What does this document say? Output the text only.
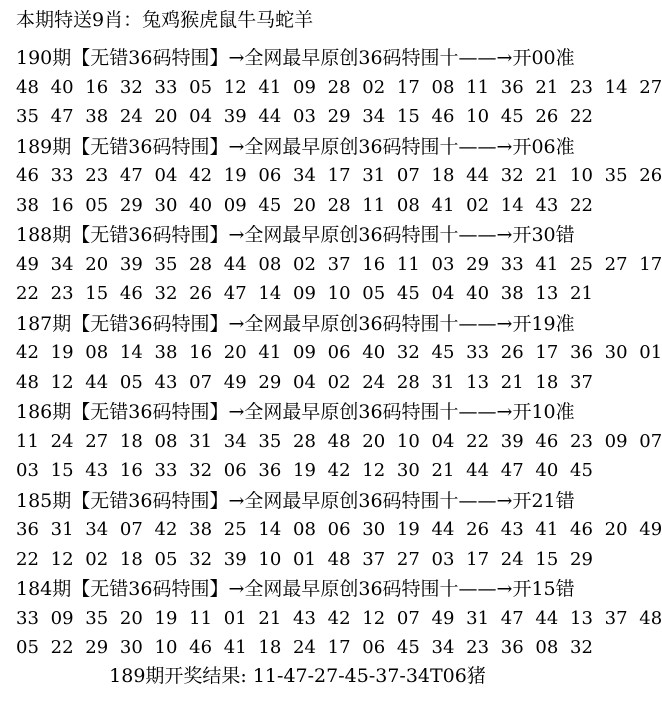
本期特送9肖：兔鸡猴虎鼠牛马蛇羊
190期【无错36码特围】→全网最早原创36码特围十——→开00准
48 40 16 32 33 05 12 41 09 28 02 17 08 11 36 21 23 14 27
35 47 38 24 20 04 39 44 03 29 34 15 46 10 45 26 22
189期【无错36码特围】→全网最早原创36码特围十——→开06准
46 33 23 47 04 42 19 06 34 17 31 07 18 44 32 21 10 35 26
38 16 05 29 30 40 09 45 20 28 11 08 41 02 14 43 22
188期【无错36码特围】→全网最早原创36码特围十——→开30错
49 34 20 39 35 28 44 08 02 37 16 11 03 29 33 41 25 27 17
22 23 15 46 32 26 47 14 09 10 05 45 04 40 38 13 21
187期【无错36码特围】→全网最早原创36码特围十——→开19准
42 19 08 14 38 16 20 41 09 06 40 32 45 33 26 17 36 30 01
48 12 44 05 43 07 49 29 04 02 24 28 31 13 21 18 37
186期【无错36码特围】→全网最早原创36码特围十——→开10准
11 24 27 18 08 31 34 35 28 48 20 10 04 22 39 46 23 09 07
03 15 43 16 33 32 06 36 19 42 12 30 21 44 47 40 45
185期【无错36码特围】→全网最早原创36码特围十——→开21错
36 31 34 07 42 38 25 14 08 06 30 19 44 26 43 41 46 20 49
22 12 02 18 05 32 39 10 01 48 37 27 03 17 24 15 29
184期【无错36码特围】→全网最早原创36码特围十——→开15错
33 09 35 20 19 11 01 21 43 42 12 07 49 31 47 44 13 37 48
05 22 29 30 10 46 41 18 24 17 06 45 34 23 36 08 32
189期开奖结果: 11-47-27-45-37-34T06猪
